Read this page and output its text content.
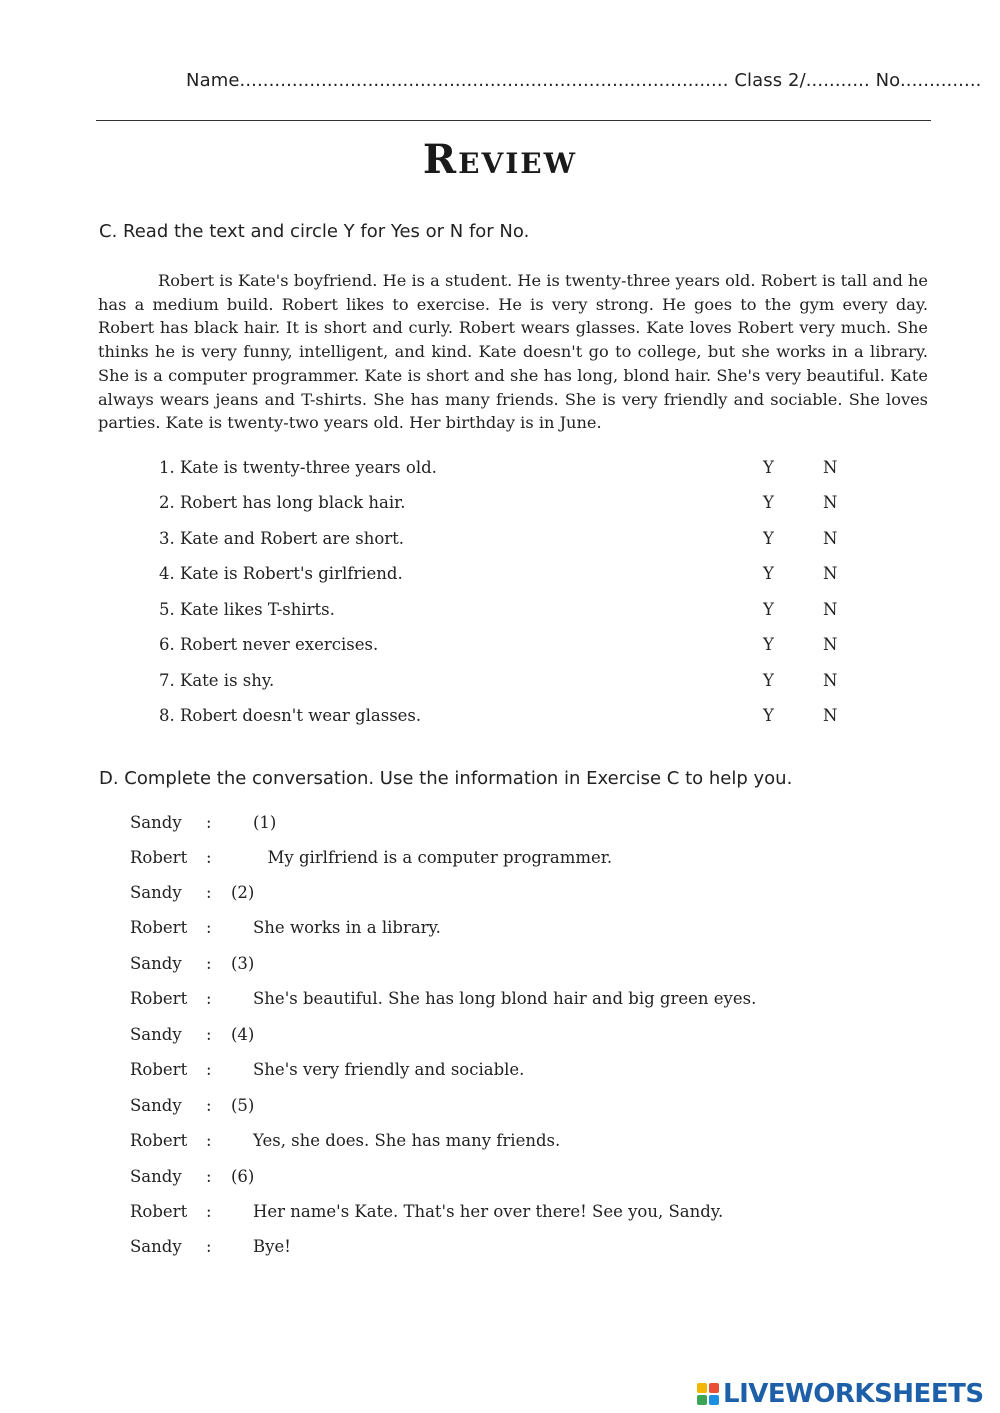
Name.................................................................................... Class 2/........... No..............
Review
C. Read the text and circle Y for Yes or N for No.

Robert is Kate's boyfriend. He is a student. He is twenty-three years old. Robert is tall and he has a medium build. Robert likes to exercise. He is very strong. He goes to the gym every day. Robert has black hair. It is short and curly. Robert wears glasses. Kate loves Robert very much. She thinks he is very funny, intelligent, and kind. Kate doesn't go to college, but she works in a library. She is a computer programmer. Kate is short and she has long, blond hair. She's very beautiful. Kate always wears jeans and T-shirts. She has many friends. She is very friendly and sociable. She loves parties. Kate is twenty-two years old. Her birthday is in June.

1. Kate is twenty-three years old.	Y	N
2. Robert has long black hair.	Y	N
3. Kate and Robert are short.	Y	N
4. Kate is Robert's girlfriend.	Y	N
5. Kate likes T-shirts.	Y	N
6. Robert never exercises.	Y	N
7. Kate is shy.	Y	N
8. Robert doesn't wear glasses.	Y	N
D. Complete the conversation. Use the information in Exercise C to help you.
Sandy :	(1)
Robert :	My girlfriend is a computer programmer.
Sandy : (2)
Robert :	She works in a library.
Sandy : (3)
Robert :	She's beautiful. She has long blond hair and big green eyes.
Sandy : (4)
Robert :	She's very friendly and sociable.
Sandy : (5)
Robert :	Yes, she does. She has many friends.
Sandy : (6)
Robert :	Her name's Kate. That's her over there! See you, Sandy.
Sandy :	Bye!
LIVEWORKSHEETS
